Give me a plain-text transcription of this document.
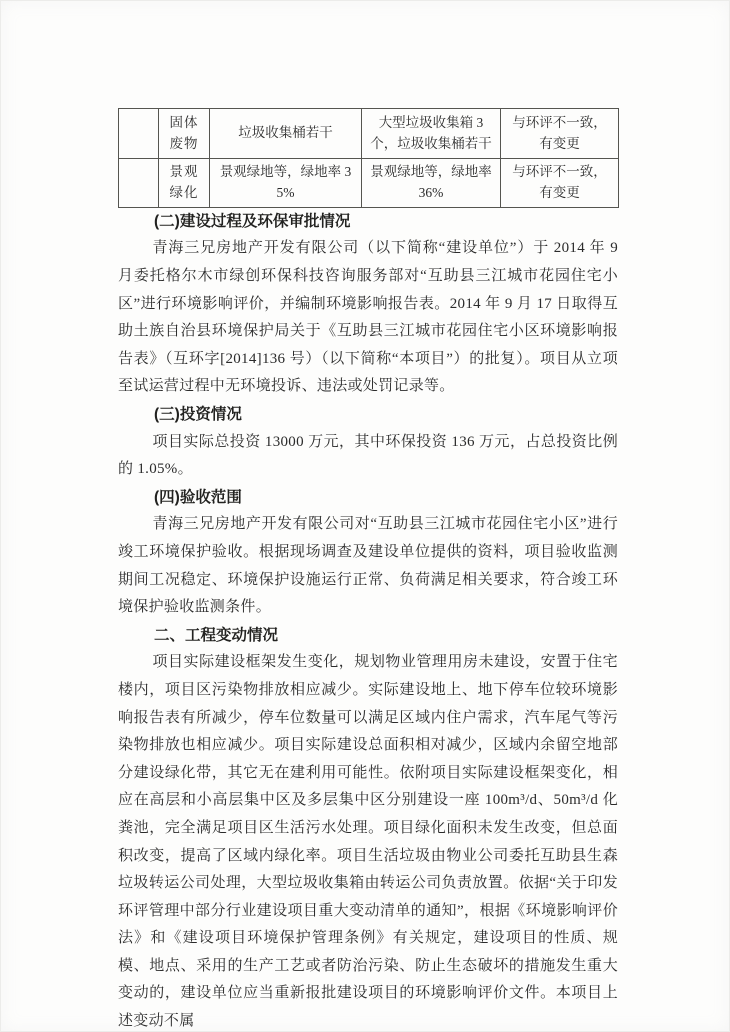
	固体废物	垃圾收集桶若干	大型垃圾收集箱 3 个，垃圾收集桶若干	与环评不一致，有变更
	景观绿化	景观绿地等，绿地率 35%	景观绿地等，绿地率 36%	与环评不一致，有变更
(二)建设过程及环保审批情况

青海三兄房地产开发有限公司（以下简称“建设单位”）于 2014 年 9 月委托格尔木市绿创环保科技咨询服务部对“互助县三江城市花园住宅小区”进行环境影响评价，并编制环境影响报告表。2014 年 9 月 17 日取得互助土族自治县环境保护局关于《互助县三江城市花园住宅小区环境影响报告表》（互环字[2014]136 号）（以下简称“本项目”）的批复）。项目从立项至试运营过程中无环境投诉、违法或处罚记录等。

(三)投资情况

项目实际总投资 13000 万元，其中环保投资 136 万元，占总投资比例的 1.05%。

(四)验收范围

青海三兄房地产开发有限公司对“互助县三江城市花园住宅小区”进行竣工环境保护验收。根据现场调查及建设单位提供的资料，项目验收监测期间工况稳定、环境保护设施运行正常、负荷满足相关要求，符合竣工环境保护验收监测条件。

二、工程变动情况

项目实际建设框架发生变化，规划物业管理用房未建设，安置于住宅楼内，项目区污染物排放相应减少。实际建设地上、地下停车位较环境影响报告表有所减少，停车位数量可以满足区域内住户需求，汽车尾气等污染物排放也相应减少。项目实际建设总面积相对减少，区域内余留空地部分建设绿化带，其它无在建利用可能性。依附项目实际建设框架变化，相应在高层和小高层集中区及多层集中区分别建设一座 100m³/d、50m³/d 化粪池，完全满足项目区生活污水处理。项目绿化面积未发生改变，但总面积改变，提高了区域内绿化率。项目生活垃圾由物业公司委托互助县生森垃圾转运公司处理，大型垃圾收集箱由转运公司负责放置。依据“关于印发环评管理中部分行业建设项目重大变动清单的通知”，根据《环境影响评价法》和《建设项目环境保护管理条例》有关规定，建设项目的性质、规模、地点、采用的生产工艺或者防治污染、防止生态破坏的措施发生重大变动的，建设单位应当重新报批建设项目的环境影响评价文件。本项目上述变动不属
